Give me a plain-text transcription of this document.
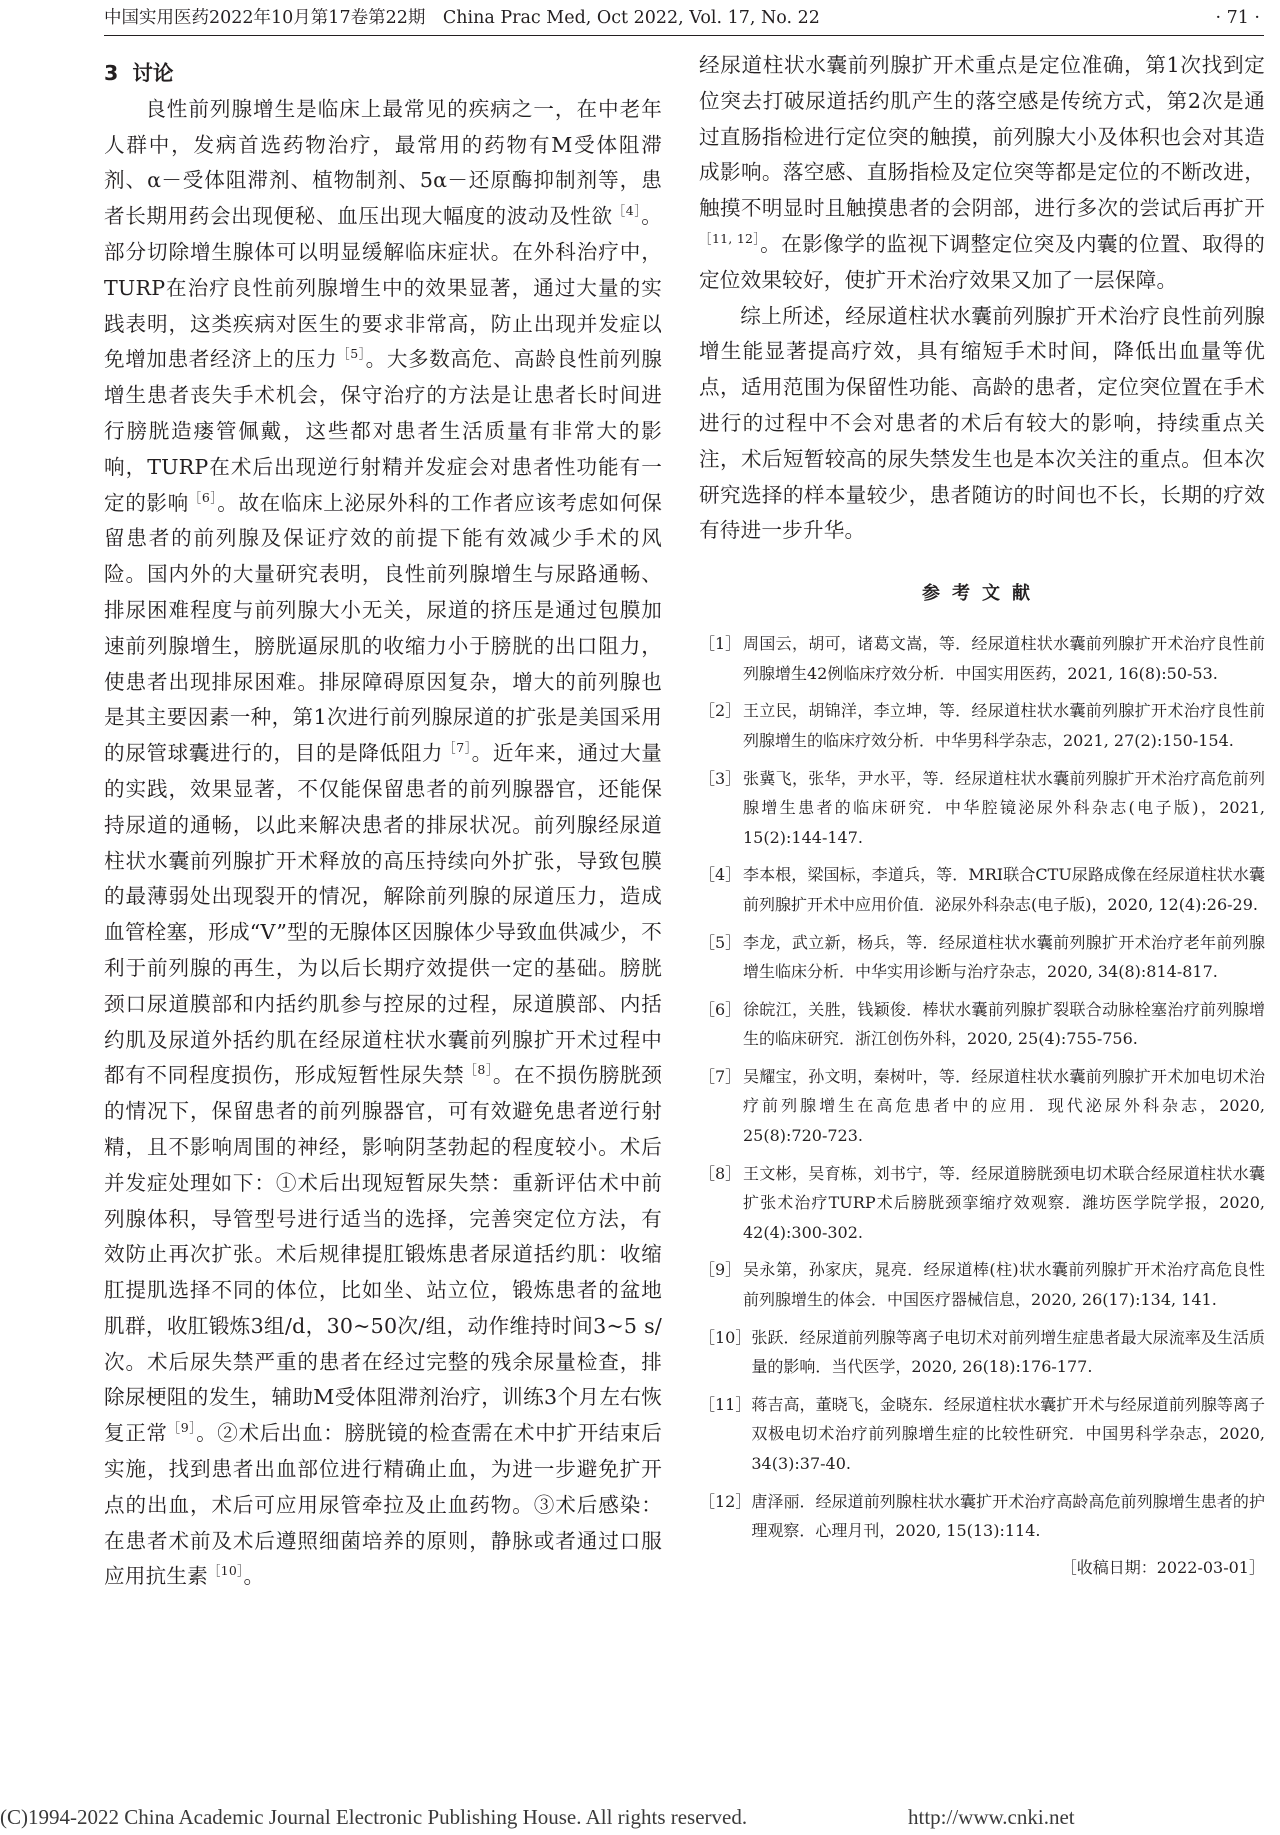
中国实用医药2022年10月第17卷第22期　China Prac Med, Oct 2022, Vol. 17, No. 22	· 71 ·
3 讨论

良性前列腺增生是临床上最常见的疾病之一，在中老年人群中，发病首选药物治疗，最常用的药物有M受体阻滞剂、α－受体阻滞剂、植物制剂、5α－还原酶抑制剂等，患者长期用药会出现便秘、血压出现大幅度的波动及性欲$^{[4]}$。部分切除增生腺体可以明显缓解临床症状。在外科治疗中，TURP在治疗良性前列腺增生中的效果显著，通过大量的实践表明，这类疾病对医生的要求非常高，防止出现并发症以免增加患者经济上的压力$^{[5]}$。大多数高危、高龄良性前列腺增生患者丧失手术机会，保守治疗的方法是让患者长时间进行膀胱造瘘管佩戴，这些都对患者生活质量有非常大的影响，TURP在术后出现逆行射精并发症会对患者性功能有一定的影响$^{[6]}$。故在临床上泌尿外科的工作者应该考虑如何保留患者的前列腺及保证疗效的前提下能有效减少手术的风险。国内外的大量研究表明，良性前列腺增生与尿路通畅、排尿困难程度与前列腺大小无关，尿道的挤压是通过包膜加速前列腺增生，膀胱逼尿肌的收缩力小于膀胱的出口阻力，使患者出现排尿困难。排尿障碍原因复杂，增大的前列腺也是其主要因素一种，第1次进行前列腺尿道的扩张是美国采用的尿管球囊进行的，目的是降低阻力$^{[7]}$。近年来，通过大量的实践，效果显著，不仅能保留患者的前列腺器官，还能保持尿道的通畅，以此来解决患者的排尿状况。前列腺经尿道柱状水囊前列腺扩开术释放的高压持续向外扩张，导致包膜的最薄弱处出现裂开的情况，解除前列腺的尿道压力，造成血管栓塞，形成“V”型的无腺体区因腺体少导致血供减少，不利于前列腺的再生，为以后长期疗效提供一定的基础。膀胱颈口尿道膜部和内括约肌参与控尿的过程，尿道膜部、内括约肌及尿道外括约肌在经尿道柱状水囊前列腺扩开术过程中都有不同程度损伤，形成短暂性尿失禁$^{[8]}$。在不损伤膀胱颈的情况下，保留患者的前列腺器官，可有效避免患者逆行射精，且不影响周围的神经，影响阴茎勃起的程度较小。术后并发症处理如下：①术后出现短暂尿失禁：重新评估术中前列腺体积，导管型号进行适当的选择，完善突定位方法，有效防止再次扩张。术后规律提肛锻炼患者尿道括约肌：收缩肛提肌选择不同的体位，比如坐、站立位，锻炼患者的盆地肌群，收肛锻炼3组/d，30~50次/组，动作维持时间3~5 s/次。术后尿失禁严重的患者在经过完整的残余尿量检查，排除尿梗阻的发生，辅助M受体阻滞剂治疗，训练3个月左右恢复正常$^{[9]}$。②术后出血：膀胱镜的检查需在术中扩开结束后实施，找到患者出血部位进行精确止血，为进一步避免扩开点的出血，术后可应用尿管牵拉及止血药物。③术后感染：在患者术前及术后遵照细菌培养的原则，静脉或者通过口服应用抗生素$^{[10]}$。

经尿道柱状水囊前列腺扩开术重点是定位准确，第1次找到定位突去打破尿道括约肌产生的落空感是传统方式，第2次是通过直肠指检进行定位突的触摸，前列腺大小及体积也会对其造成影响。落空感、直肠指检及定位突等都是定位的不断改进，触摸不明显时且触摸患者的会阴部，进行多次的尝试后再扩开$^{[11, 12]}$。在影像学的监视下调整定位突及内囊的位置、取得的定位效果较好，使扩开术治疗效果又加了一层保障。

综上所述，经尿道柱状水囊前列腺扩开术治疗良性前列腺增生能显著提高疗效，具有缩短手术时间，降低出血量等优点，适用范围为保留性功能、高龄的患者，定位突位置在手术进行的过程中不会对患者的术后有较大的影响，持续重点关注，术后短暂较高的尿失禁发生也是本次关注的重点。但本次研究选择的样本量较少，患者随访的时间也不长，长期的疗效有待进一步升华。

参考文献
［1］ 周国云，胡可，诸葛文嵩，等．经尿道柱状水囊前列腺扩开术治疗良性前列腺增生42例临床疗效分析．中国实用医药，2021, 16(8):50-53.
［2］ 王立民，胡锦洋，李立坤，等．经尿道柱状水囊前列腺扩开术治疗良性前列腺增生的临床疗效分析．中华男科学杂志，2021, 27(2):150-154.
［3］ 张冀飞，张华，尹水平，等．经尿道柱状水囊前列腺扩开术治疗高危前列腺增生患者的临床研究．中华腔镜泌尿外科杂志(电子版)，2021, 15(2):144-147.
［4］ 李本根，梁国标，李道兵，等．MRI联合CTU尿路成像在经尿道柱状水囊前列腺扩开术中应用价值．泌尿外科杂志(电子版)，2020, 12(4):26-29.
［5］ 李龙，武立新，杨兵，等．经尿道柱状水囊前列腺扩开术治疗老年前列腺增生临床分析．中华实用诊断与治疗杂志，2020, 34(8):814-817.
［6］ 徐皖江，关胜，钱颖俊．棒状水囊前列腺扩裂联合动脉栓塞治疗前列腺增生的临床研究．浙江创伤外科，2020, 25(4):755-756.
［7］ 吴耀宝，孙文明，秦树叶，等．经尿道柱状水囊前列腺扩开术加电切术治疗前列腺增生在高危患者中的应用．现代泌尿外科杂志，2020, 25(8):720-723.
［8］ 王文彬，吴育栋，刘书宁，等．经尿道膀胱颈电切术联合经尿道柱状水囊扩张术治疗TURP术后膀胱颈挛缩疗效观察．潍坊医学院学报，2020, 42(4):300-302.
［9］ 吴永第，孙家庆，晁亮．经尿道棒(柱)状水囊前列腺扩开术治疗高危良性前列腺增生的体会．中国医疗器械信息，2020, 26(17):134, 141.
［10］ 张跃．经尿道前列腺等离子电切术对前列增生症患者最大尿流率及生活质量的影响．当代医学，2020, 26(18):176-177.
［11］ 蒋吉高，董晓飞，金晓东．经尿道柱状水囊扩开术与经尿道前列腺等离子双极电切术治疗前列腺增生症的比较性研究．中国男科学杂志，2020, 34(3):37-40.
［12］ 唐泽丽．经尿道前列腺柱状水囊扩开术治疗高龄高危前列腺增生患者的护理观察．心理月刊，2020, 15(13):114.
［收稿日期：2022-03-01］
(C)1994-2022 China Academic Journal Electronic Publishing House. All rights reserved.	http://www.cnki.net
